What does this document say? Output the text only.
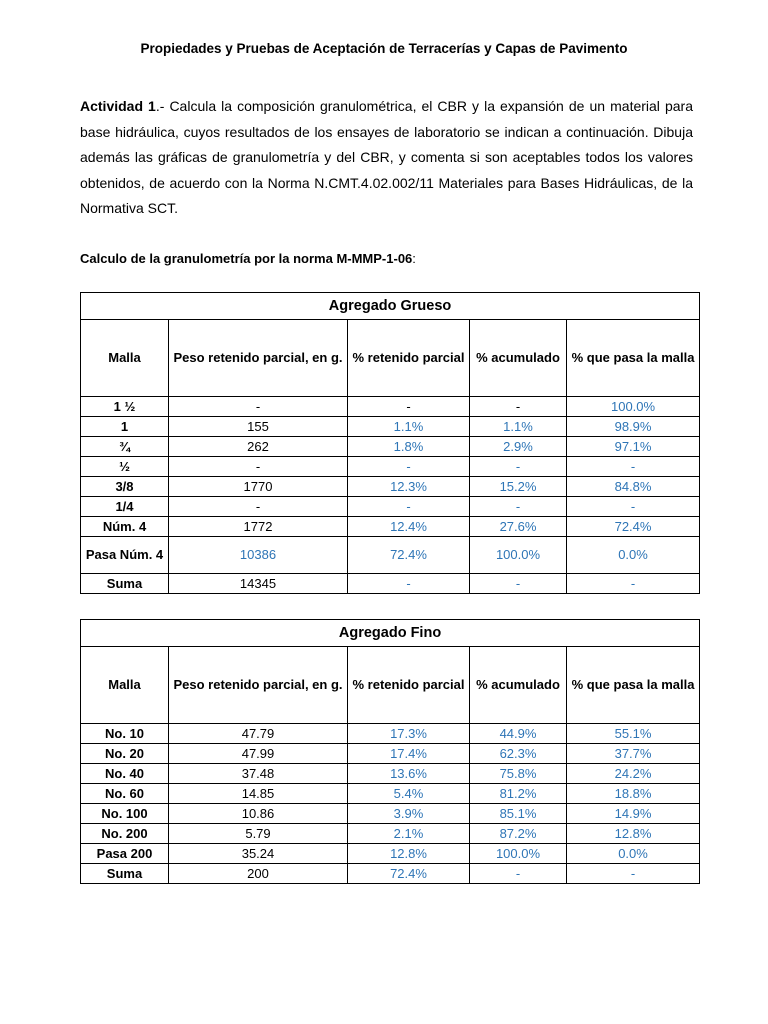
Propiedades y Pruebas de Aceptación de Terracerías y Capas de Pavimento

Actividad 1.- Calcula la composición granulométrica, el CBR y la expansión de un material para base hidráulica, cuyos resultados de los ensayes de laboratorio se indican a continuación. Dibuja además las gráficas de granulometría y del CBR, y comenta si son aceptables todos los valores obtenidos, de acuerdo con la Norma N.CMT.4.02.002/11 Materiales para Bases Hidráulicas, de la Normativa SCT.

Calculo de la granulometría por la norma M-MMP-1-06:
Agregado Grueso				
Malla	Peso retenido parcial, en g.	% retenido parcial	% acumulado	% que pasa la malla
1 ½	-	-	-	100.0%
1	155	1.1%	1.1%	98.9%
¾	262	1.8%	2.9%	97.1%
½	-	-	-	-
3/8	1770	12.3%	15.2%	84.8%
1/4	-	-	-	-
Núm. 4	1772	12.4%	27.6%	72.4%
Pasa Núm. 4	10386	72.4%	100.0%	0.0%
Suma	14345	-	-	-
Agregado Fino				
Malla	Peso retenido parcial, en g.	% retenido parcial	% acumulado	% que pasa la malla
No. 10	47.79	17.3%	44.9%	55.1%
No. 20	47.99	17.4%	62.3%	37.7%
No. 40	37.48	13.6%	75.8%	24.2%
No. 60	14.85	5.4%	81.2%	18.8%
No. 100	10.86	3.9%	85.1%	14.9%
No. 200	5.79	2.1%	87.2%	12.8%
Pasa 200	35.24	12.8%	100.0%	0.0%
Suma	200	72.4%	-	-
